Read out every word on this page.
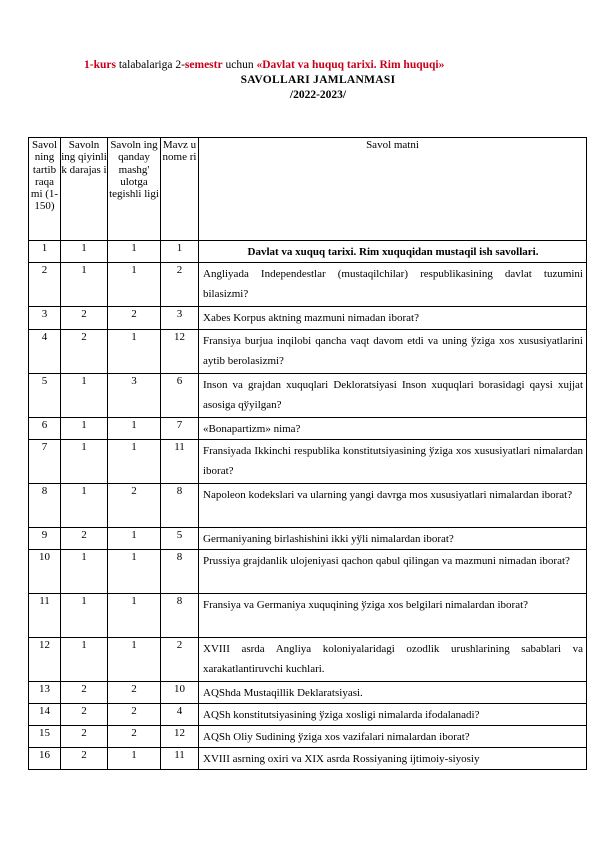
1-kurs talabalariga 2-semestr uchun «Davlat va huquq tarixi. Rim huquqi»
SAVOLLARI JAMLANMASI
/2022-2023/
Savol ning tartib raqa mi (1- 150)	Savoln ing qiyinli k darajas i	Savoln ing qanday mashg' ulotga tegishli ligi	Mavz u nome ri	Savol matni
1	1	1	1	Davlat va xuquq tarixi. Rim xuquqidan mustaqil ish savollari.
2	1	1	2	Angliyada Independestlar (mustaqilchilar) respublikasining davlat tuzumini bilasizmi?
3	2	2	3	Xabes Korpus aktning mazmuni nimadan iborat?
4	2	1	12	Fransiya burjua inqilobi qancha vaqt davom etdi va uning ўziga xos xususiyatlarini aytib berolasizmi?
5	1	3	6	Inson va grajdan xuquqlari Dekloratsiyasi Inson xuquqlari borasidagi qaysi xujjat asosiga qўyilgan?
6	1	1	7	«Bonapartizm» nima?
7	1	1	11	Fransiyada Ikkinchi respublika konstitutsiyasining ўziga xos xususiyatlari nimalardan iborat?
8	1	2	8	Napoleon kodekslari va ularning yangi davrga mos xususiyatlari nimalardan iborat?
9	2	1	5	Germaniyaning birlashishini ikki yўli nimalardan iborat?
10	1	1	8	Prussiya grajdanlik ulojeniyasi qachon qabul qilingan va mazmuni nimadan iborat?
11	1	1	8	Fransiya va Germaniya xuquqining ўziga xos belgilari nimalardan iborat?
12	1	1	2	XVIII asrda Angliya koloniyalaridagi ozodlik urushlarining sabablari va xarakatlantiruvchi kuchlari.
13	2	2	10	AQShda Mustaqillik Deklaratsiyasi.
14	2	2	4	AQSh konstitutsiyasining ўziga xosligi nimalarda ifodalanadi?
15	2	2	12	AQSh Oliy Sudining ўziga xos vazifalari nimalardan iborat?
16	2	1	11	XVIII asrning oxiri va XIX asrda Rossiyaning ijtimoiy-siyosiy
